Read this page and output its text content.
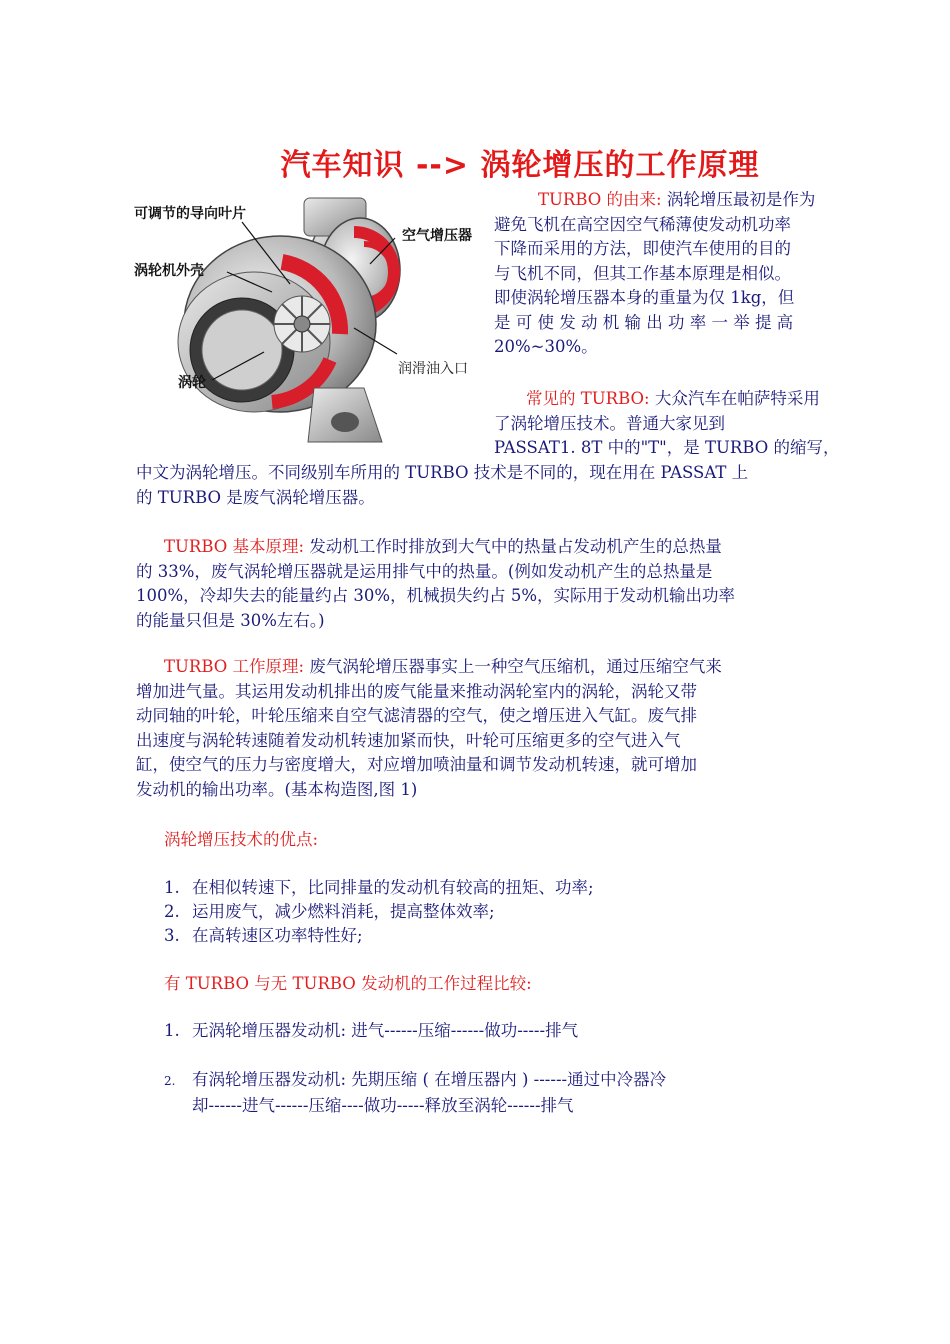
汽车知识 --> 涡轮增压的工作原理
可调节的导向叶片
空气增压器
涡轮机外壳
润滑油入口
涡轮

TURBO 的由来: 涡轮增压最初是作为

避免飞机在高空因空气稀薄使发动机功率

下降而采用的方法，即使汽车使用的目的

与飞机不同，但其工作基本原理是相似。

即使涡轮增压器本身的重量为仅 1kg，但

是 可 使 发 动 机 输 出 功 率 一 举 提 高

20%~30%。

常见的 TURBO: 大众汽车在帕萨特采用

了涡轮增压技术。普通大家见到

PASSAT1. 8T 中的"T"，是 TURBO 的缩写，

中文为涡轮增压。不同级别车所用的 TURBO 技术是不同的，现在用在 PASSAT 上

的 TURBO 是废气涡轮增压器。

TURBO 基本原理: 发动机工作时排放到大气中的热量占发动机产生的总热量

的 33%，废气涡轮增压器就是运用排气中的热量。(例如发动机产生的总热量是

100%，冷却失去的能量约占 30%，机械损失约占 5%，实际用于发动机输出功率

的能量只但是 30%左右。)

TURBO 工作原理: 废气涡轮增压器事实上一种空气压缩机，通过压缩空气来

增加进气量。其运用发动机排出的废气能量来推动涡轮室内的涡轮，涡轮又带

动同轴的叶轮，叶轮压缩来自空气滤清器的空气，使之增压进入气缸。废气排

出速度与涡轮转速随着发动机转速加紧而快，叶轮可压缩更多的空气进入气

缸，使空气的压力与密度增大，对应增加喷油量和调节发动机转速，就可增加

发动机的输出功率。(基本构造图,图 1)

涡轮增压技术的优点:
1. 在相似转速下，比同排量的发动机有较高的扭矩、功率;
2. 运用废气，减少燃料消耗，提高整体效率;
3. 在高转速区功率特性好;
有 TURBO 与无 TURBO 发动机的工作过程比较:
1. 无涡轮增压器发动机: 进气------压缩------做功-----排气

2. 有涡轮增压器发动机: 先期压缩 ( 在增压器内 ) ------通过中冷器冷

却------进气------压缩----做功-----释放至涡轮------排气
